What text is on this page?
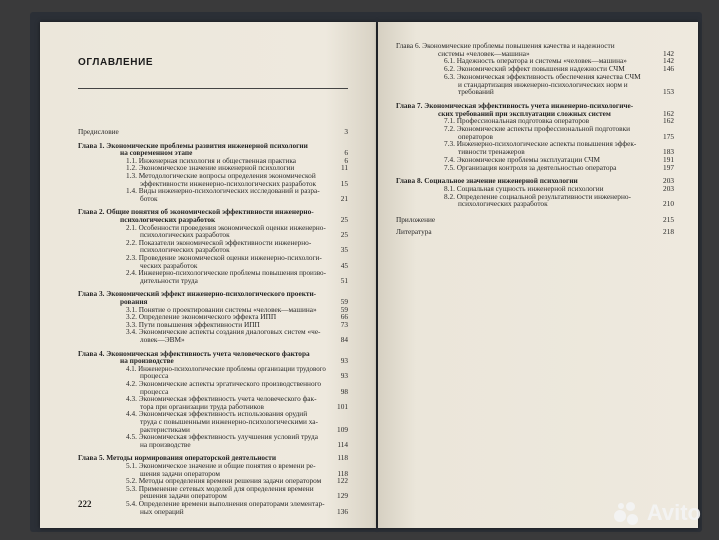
ОГЛАВЛЕНИЕ
Предисловие	3
Глава 1. Экономические проблемы развития инженерной психологии
на современном этапе	6
1.1. Инженерная психология и общественная практика	6
1.2. Экономическое значение инженерной психологии	11
1.3. Методологические вопросы определения экономической
эффективности инженерно-психологических разработок	15
1.4. Виды инженерно-психологических исследований и разра-
боток	21
Глава 2. Общие понятия об экономической эффективности инженерно-
психологических разработок	25
2.1. Особенности проведения экономической оценки инженерно-
психологических разработок	25
2.2. Показатели экономической эффективности инженерно-
психологических разработок	35
2.3. Проведение экономической оценки инженерно-психологи-
ческих разработок	45
2.4. Инженерно-психологические проблемы повышения произво-
дительности труда	51
Глава 3. Экономический эффект инженерно-психологического проекти-
рования	59
3.1. Понятие о проектировании системы «человек—машина»	59
3.2. Определение экономического эффекта ИПП	66
3.3. Пути повышения эффективности ИПП	73
3.4. Экономические аспекты создания диалоговых систем «че-
ловек—ЭВМ»	84
Глава 4. Экономическая эффективность учета человеческого фактора
на производстве	93
4.1. Инженерно-психологические проблемы организации трудового
процесса	93
4.2. Экономические аспекты эргатического производственного
процесса	98
4.3. Экономическая эффективность учета человеческого фак-
тора при организации труда работников	101
4.4. Экономическая эффективность использования орудий
труда с повышенными инженерно-психологическими ха-
рактеристиками	109
4.5. Экономическая эффективность улучшения условий труда
на производстве	114
Глава 5. Методы нормирования операторской деятельности	118
5.1. Экономическое значение и общие понятия о времени ре-
шения задачи оператором	118
5.2. Методы определения времени решения задачи оператором	122
5.3. Применение сетевых моделей для определения времени
решения задачи оператором	129
5.4. Определение времени выполнения операторами элементар-
ных операций	136
222
Глава 6. Экономические проблемы повышения качества и надежности
системы «человек—машина»	142
6.1. Надежность оператора и системы «человек—машина»	142
6.2. Экономический эффект повышения надежности СЧМ	146
6.3. Экономическая эффективность обеспечения качества СЧМ
и стандартизация инженерно-психологических норм и
требований	153
Глава 7. Экономическая эффективность учета инженерно-психологиче-
ских требований при эксплуатации сложных систем	162
7.1. Профессиональная подготовка операторов	162
7.2. Экономические аспекты профессиональной подготовки
операторов	175
7.3. Инженерно-психологические аспекты повышения эффек-
тивности тренажеров	183
7.4. Экономические проблемы эксплуатации СЧМ	191
7.5. Организация контроля за деятельностью оператора	197
Глава 8. Социальное значение инженерной психологии	203
8.1. Социальная сущность инженерной психологии	203
8.2. Определение социальной результативности инженерно-
психологических разработок	210
Приложение	215
Литература	218
Avito
